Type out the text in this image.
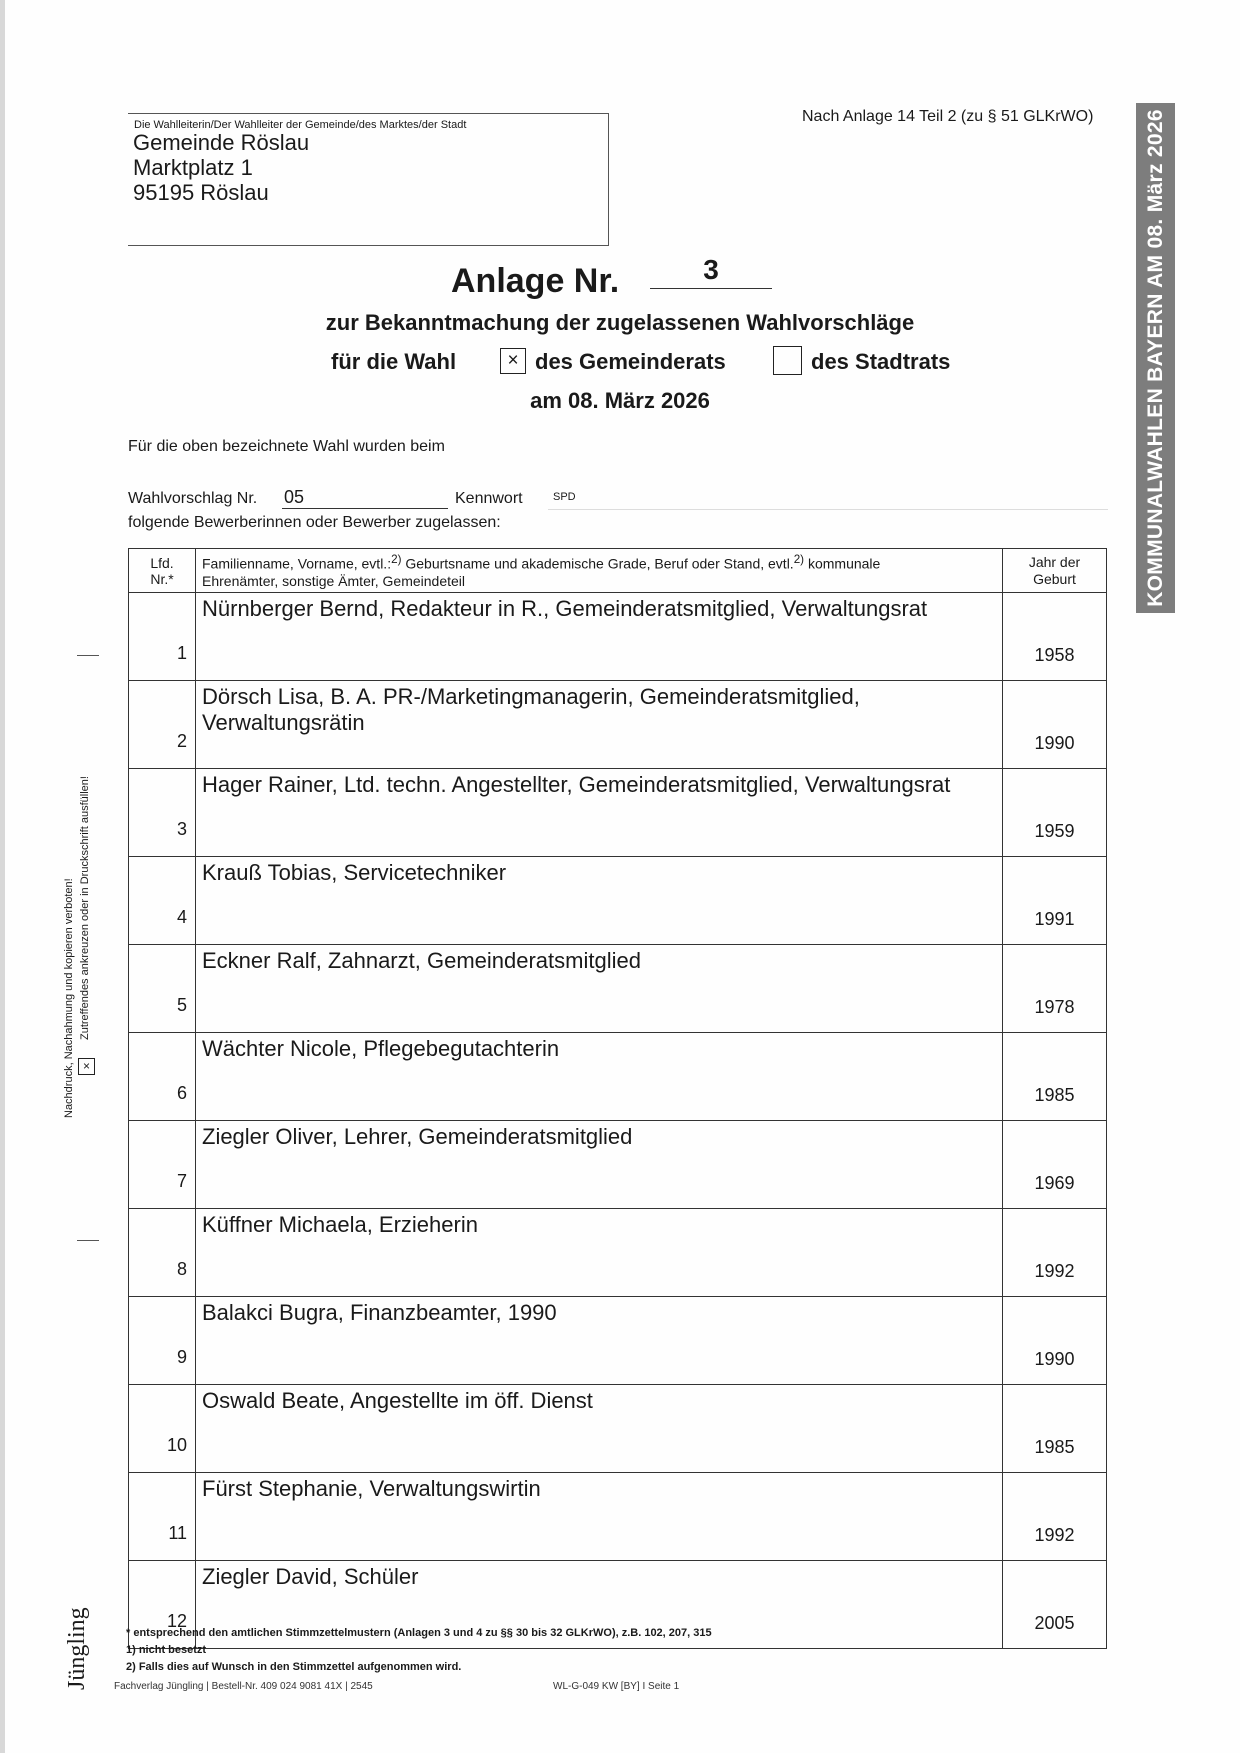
Die Wahlleiterin/Der Wahlleiter der Gemeinde/des Marktes/der Stadt
Gemeinde Röslau
Marktplatz 1
95195 Röslau
Nach Anlage 14 Teil 2 (zu § 51 GLKrWO) KOMMUNALWAHLEN BAYERN AM 08. März 2026
Anlage Nr.	3
zur Bekanntmachung der zugelassenen Wahlvorschläge
für die Wahl	× des Gemeinderats	des Stadtrats
am 08. März 2026
Für die oben bezeichnete Wahl wurden beim
Wahlvorschlag Nr. 05	Kennwort	SPD
folgende Bewerberinnen oder Bewerber zugelassen:
Lfd.
Nr.*	Familienname, Vorname, evtl.:$^{2)}$ Geburtsname und akademische Grade, Beruf oder Stand, evtl.$^{2)}$ kommunale
Ehrenämter, sonstige Ämter, Gemeindeteil	Jahr der
Geburt

1	Nürnberger Bernd, Redakteur in R., Gemeinderatsmitglied, Verwaltungsrat	1958

2	Dörsch Lisa, B. A. PR-/Marketingmanagerin, Gemeinderatsmitglied, Verwaltungsrätin	1990

3	Hager Rainer, Ltd. techn. Angestellter, Gemeinderatsmitglied, Verwaltungsrat	1959

4	Krauß Tobias, Servicetechniker	1991

5	Eckner Ralf, Zahnarzt, Gemeinderatsmitglied	1978

6	Wächter Nicole, Pflegebegutachterin	1985

7	Ziegler Oliver, Lehrer, Gemeinderatsmitglied	1969

8	Küffner Michaela, Erzieherin	1992

9	Balakci Bugra, Finanzbeamter, 1990	1990

10	Oswald Beate, Angestellte im öff. Dienst	1985

11	Fürst Stephanie, Verwaltungswirtin	1992

12	Ziegler David, Schüler	2005
* entsprechend den amtlichen Stimmzettelmustern (Anlagen 3 und 4 zu §§ 30 bis 32 GLKrWO), z.B. 102, 207, 315
1) nicht besetzt
2) Falls dies auf Wunsch in den Stimmzettel aufgenommen wird.
Fachverlag Jüngling | Bestell-Nr. 409 024 9081 41X | 2545	WL-G-049 KW [BY] I Seite 1
Nachdruck, Nachahmung und kopieren verboten! Zutreffendes ankreuzen oder in Druckschrift ausfüllen!
×
Jüngling
